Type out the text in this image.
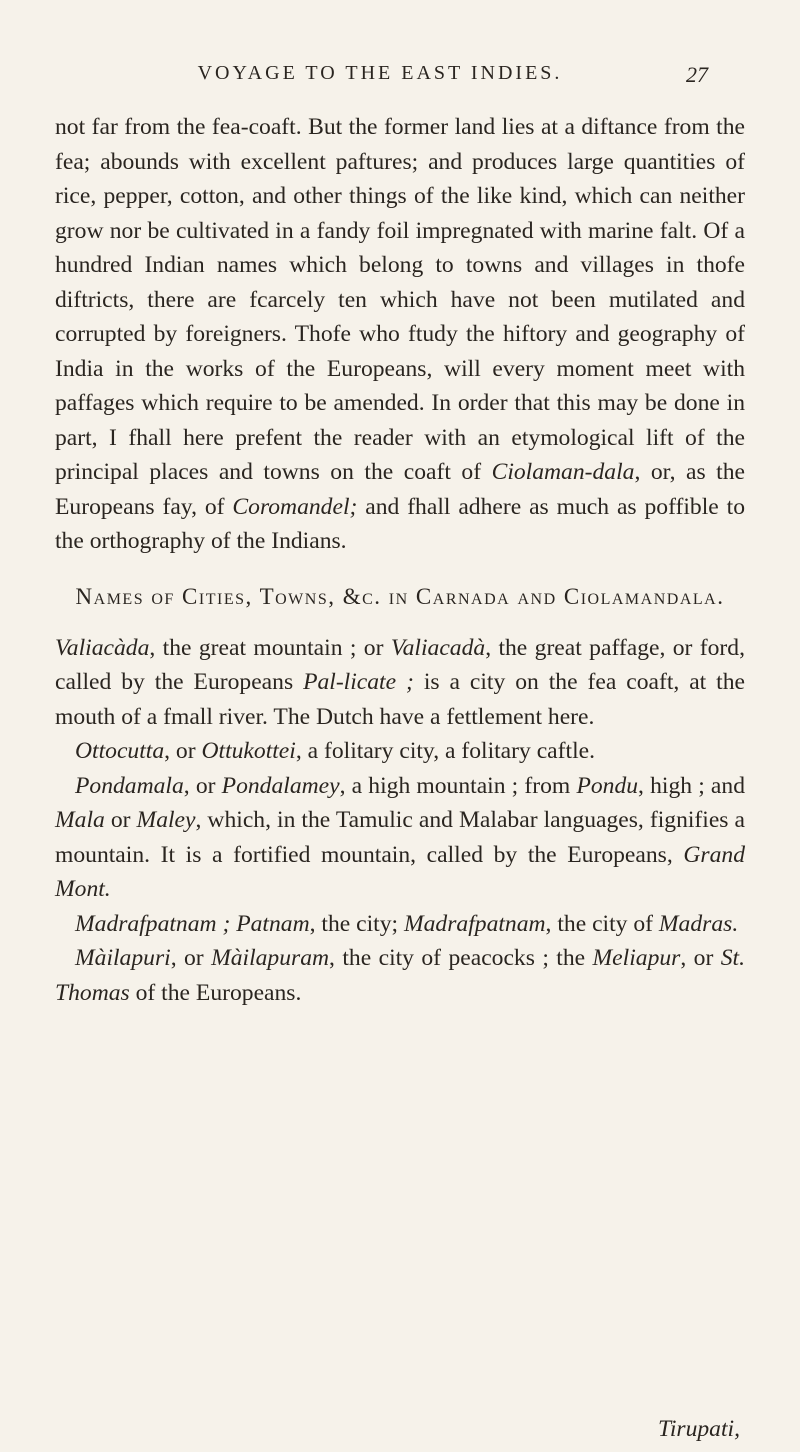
VOYAGE TO THE EAST INDIES.	27

not far from the fea-coaft. But the former land lies at a diftance from the fea; abounds with excellent paftures; and produces large quantities of rice, pepper, cotton, and other things of the like kind, which can neither grow nor be cultivated in a fandy foil impregnated with marine falt. Of a hundred Indian names which belong to towns and villages in thofe diftricts, there are fcarcely ten which have not been mutilated and corrupted by foreigners. Thofe who ftudy the hiftory and geography of India in the works of the Europeans, will every moment meet with paffages which require to be amended. In order that this may be done in part, I fhall here prefent the reader with an etymological lift of the principal places and towns on the coaft of Ciolaman-dala, or, as the Europeans fay, of Coromandel; and fhall adhere as much as poffible to the orthography of the Indians.

Names of Cities, Towns, &c. in Carnada and Ciolamandala.

Valiacàda, the great mountain ; or Valiacadà, the great paffage, or ford, called by the Europeans Pal-licate ; is a city on the fea coaft, at the mouth of a fmall river. The Dutch have a fettlement here.

Ottocutta, or Ottukottei, a folitary city, a folitary caftle.

Pondamala, or Pondalamey, a high mountain ; from Pondu, high ; and Mala or Maley, which, in the Tamulic and Malabar languages, fignifies a mountain. It is a fortified mountain, called by the Europeans, Grand Mont.

Madrafpatnam ; Patnam, the city; Madrafpatnam, the city of Madras.

Màilapuri, or Màilapuram, the city of peacocks ; the Meliapur, or St. Thomas of the Europeans.

Tirupati,
